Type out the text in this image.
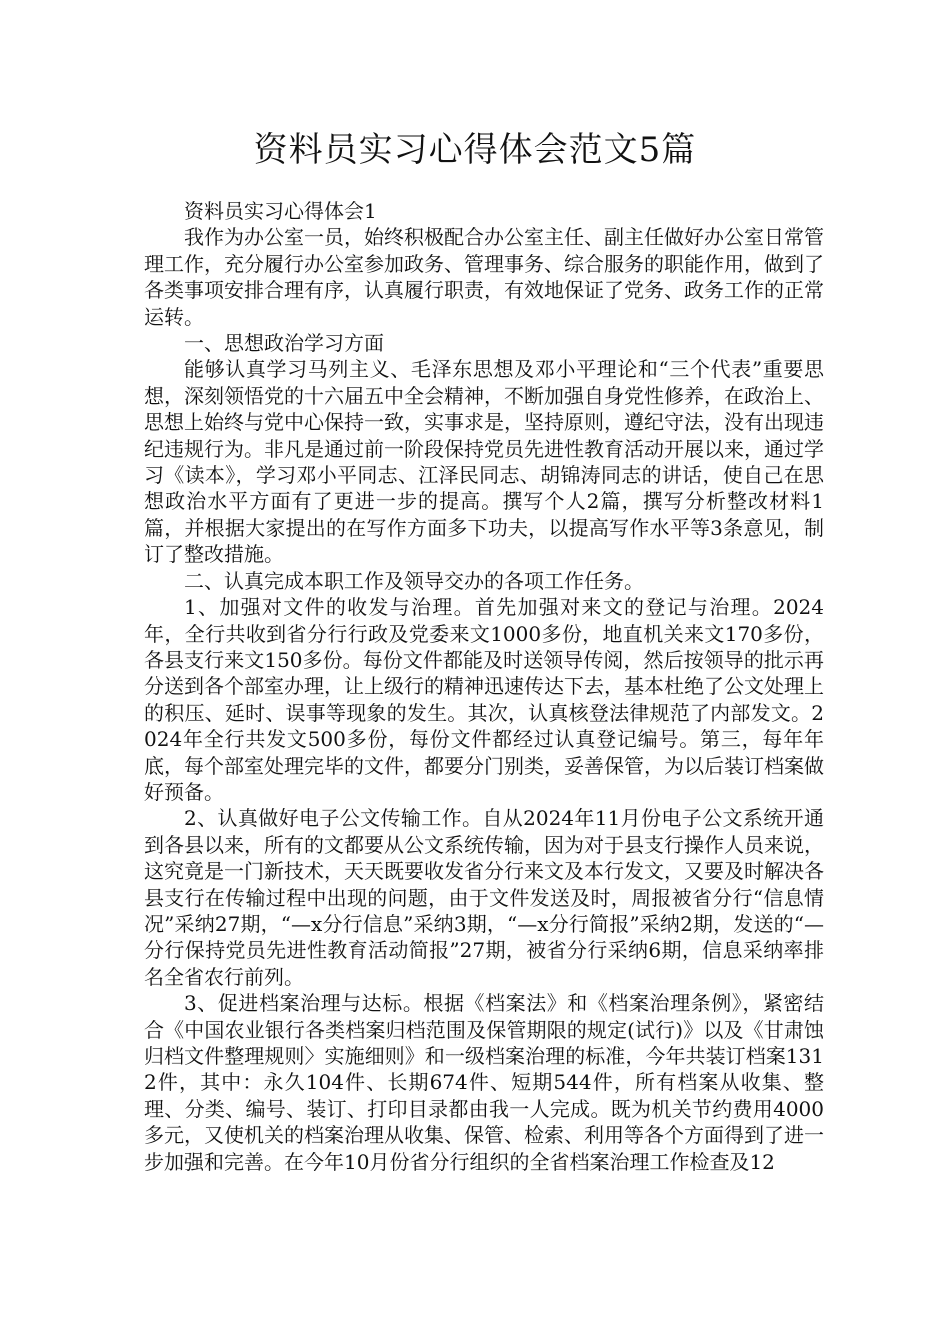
资料员实习心得体会范文5篇

资料员实习心得体会1

我作为办公室一员，始终积极配合办公室主任、副主任做好办公室日常管理工作，充分履行办公室参加政务、管理事务、综合服务的职能作用，做到了各类事项安排合理有序，认真履行职责，有效地保证了党务、政务工作的正常运转。

一、思想政治学习方面

能够认真学习马列主义、毛泽东思想及邓小平理论和“三个代表”重要思想，深刻领悟党的十六届五中全会精神，不断加强自身党性修养，在政治上、思想上始终与党中心保持一致，实事求是，坚持原则，遵纪守法，没有出现违纪违规行为。非凡是通过前一阶段保持党员先进性教育活动开展以来，通过学习《读本》，学习邓小平同志、江泽民同志、胡锦涛同志的讲话，使自己在思想政治水平方面有了更进一步的提高。撰写个人2篇，撰写分析整改材料1篇，并根据大家提出的在写作方面多下功夫，以提高写作水平等3条意见，制订了整改措施。

二、认真完成本职工作及领导交办的各项工作任务。

1、加强对文件的收发与治理。首先加强对来文的登记与治理。2024年，全行共收到省分行行政及党委来文1000多份，地直机关来文170多份，各县支行来文150多份。每份文件都能及时送领导传阅，然后按领导的批示再分送到各个部室办理，让上级行的精神迅速传达下去，基本杜绝了公文处理上的积压、延时、误事等现象的发生。其次，认真核登法律规范了内部发文。2024年全行共发文500多份，每份文件都经过认真登记编号。第三，每年年底，每个部室处理完毕的文件，都要分门别类，妥善保管，为以后装订档案做好预备。

2、认真做好电子公文传输工作。自从2024年11月份电子公文系统开通到各县以来，所有的文都要从公文系统传输，因为对于县支行操作人员来说，这究竟是一门新技术，天天既要收发省分行来文及本行发文，又要及时解决各县支行在传输过程中出现的问题，由于文件发送及时，周报被省分行“信息情况”采纳27期，“—x分行信息”采纳3期，“—x分行简报”采纳2期，发送的“—分行保持党员先进性教育活动简报”27期，被省分行采纳6期，信息采纳率排名全省农行前列。

3、促进档案治理与达标。根据《档案法》和《档案治理条例》，紧密结合《中国农业银行各类档案归档范围及保管期限的规定(试行)》以及《甘肃蚀归档文件整理规则〉实施细则》和一级档案治理的标准，今年共装订档案1312件，其中：永久104件、长期674件、短期544件，所有档案从收集、整理、分类、编号、装订、打印目录都由我一人完成。既为机关节约费用4000多元，又使机关的档案治理从收集、保管、检索、利用等各个方面得到了进一步加强和完善。在今年10月份省分行组织的全省档案治理工作检查及12
